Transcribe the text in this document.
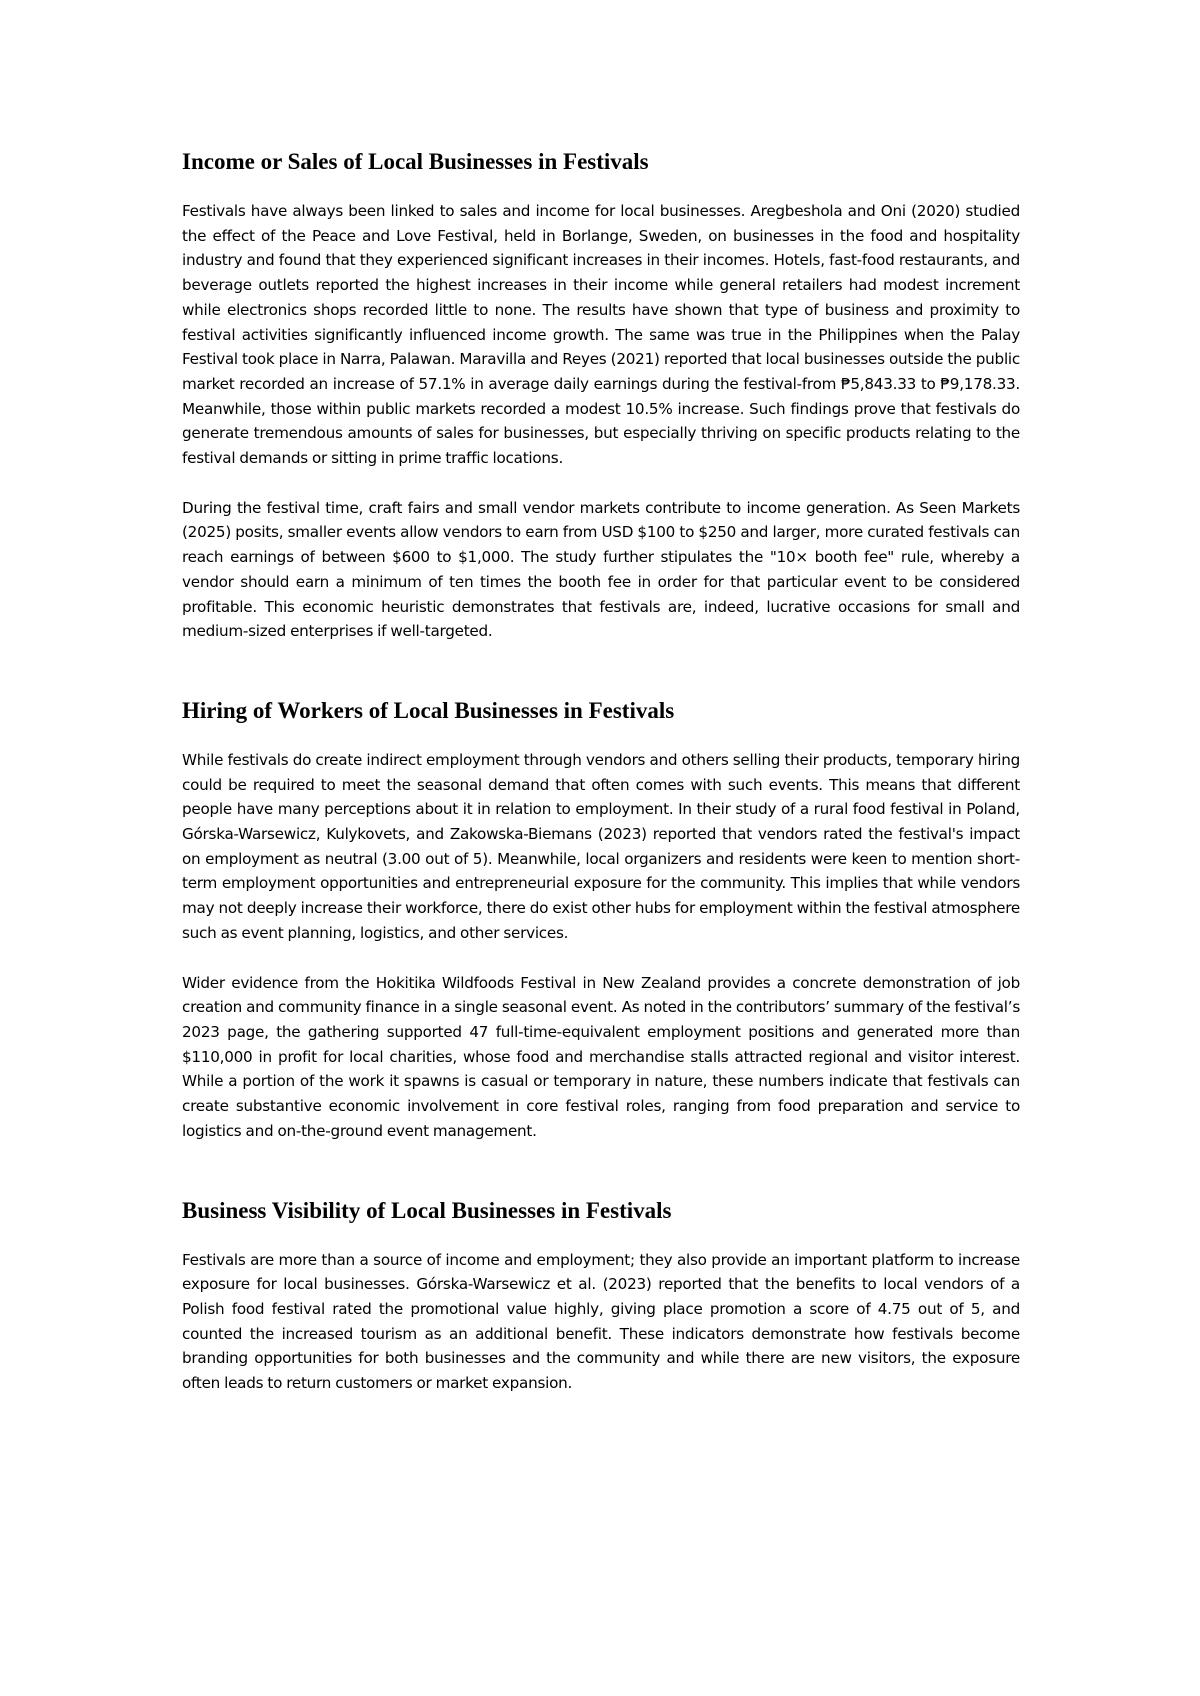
Income or Sales of Local Businesses in Festivals

Festivals have always been linked to sales and income for local businesses. Aregbeshola and Oni (2020) studied the effect of the Peace and Love Festival, held in Borlange, Sweden, on businesses in the food and hospitality industry and found that they experienced significant increases in their incomes. Hotels, fast-food restaurants, and beverage outlets reported the highest increases in their income while general retailers had modest increment while electronics shops recorded little to none. The results have shown that type of business and proximity to festival activities significantly influenced income growth. The same was true in the Philippines when the Palay Festival took place in Narra, Palawan. Maravilla and Reyes (2021) reported that local businesses outside the public market recorded an increase of 57.1% in average daily earnings during the festival-from ₱5,843.33 to ₱9,178.33. Meanwhile, those within public markets recorded a modest 10.5% increase. Such findings prove that festivals do generate tremendous amounts of sales for businesses, but especially thriving on specific products relating to the festival demands or sitting in prime traffic locations.

During the festival time, craft fairs and small vendor markets contribute to income generation. As Seen Markets (2025) posits, smaller events allow vendors to earn from USD $100 to $250 and larger, more curated festivals can reach earnings of between $600 to $1,000. The study further stipulates the "10× booth fee" rule, whereby a vendor should earn a minimum of ten times the booth fee in order for that particular event to be considered profitable. This economic heuristic demonstrates that festivals are, indeed, lucrative occasions for small and medium-sized enterprises if well-targeted.

Hiring of Workers of Local Businesses in Festivals

While festivals do create indirect employment through vendors and others selling their products, temporary hiring could be required to meet the seasonal demand that often comes with such events. This means that different people have many perceptions about it in relation to employment. In their study of a rural food festival in Poland, Górska-Warsewicz, Kulykovets, and Zakowska-Biemans (2023) reported that vendors rated the festival's impact on employment as neutral (3.00 out of 5). Meanwhile, local organizers and residents were keen to mention short-term employment opportunities and entrepreneurial exposure for the community. This implies that while vendors may not deeply increase their workforce, there do exist other hubs for employment within the festival atmosphere such as event planning, logistics, and other services.

Wider evidence from the Hokitika Wildfoods Festival in New Zealand provides a concrete demonstration of job creation and community finance in a single seasonal event. As noted in the contributors’ summary of the festival’s 2023 page, the gathering supported 47 full-time-equivalent employment positions and generated more than $110,000 in profit for local charities, whose food and merchandise stalls attracted regional and visitor interest. While a portion of the work it spawns is casual or temporary in nature, these numbers indicate that festivals can create substantive economic involvement in core festival roles, ranging from food preparation and service to logistics and on-the-ground event management.

Business Visibility of Local Businesses in Festivals

Festivals are more than a source of income and employment; they also provide an important platform to increase exposure for local businesses. Górska-Warsewicz et al. (2023) reported that the benefits to local vendors of a Polish food festival rated the promotional value highly, giving place promotion a score of 4.75 out of 5, and counted the increased tourism as an additional benefit. These indicators demonstrate how festivals become branding opportunities for both businesses and the community and while there are new visitors, the exposure often leads to return customers or market expansion.
